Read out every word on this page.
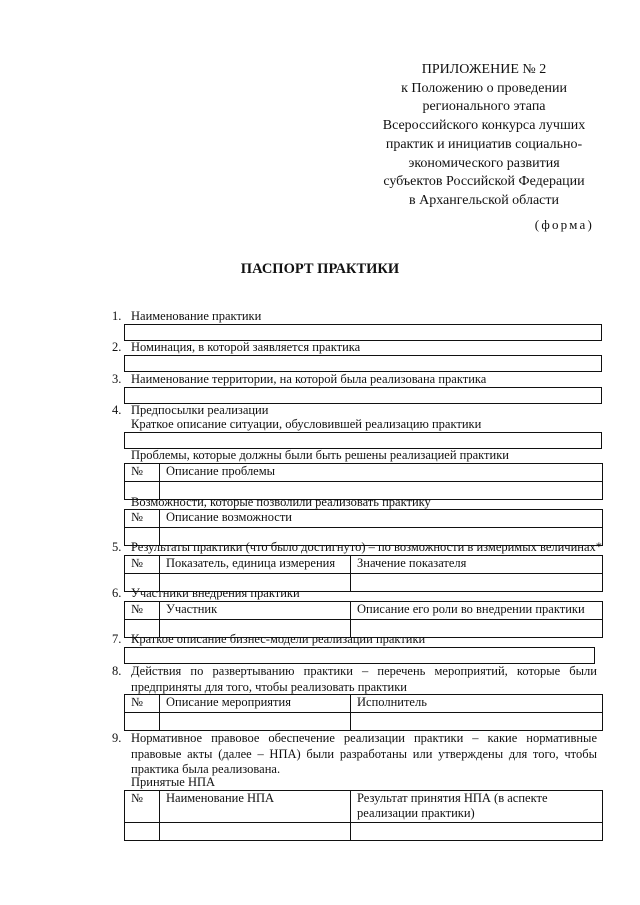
ПРИЛОЖЕНИЕ № 2
к Положению о проведении
регионального этапа
Всероссийского конкурса лучших
практик и инициатив социально-
экономического развития
субъектов Российской Федерации
в Архангельской области
(форма)
ПАСПОРТ ПРАКТИКИ
1. Наименование практики
2. Номинация, в которой заявляется практика
3. Наименование территории, на которой была реализована практика
4. Предпосылки реализации
Краткое описание ситуации, обусловившей реализацию практики
Проблемы, которые должны были быть решены реализацией практики
№	Описание проблемы

Возможности, которые позволили реализовать практику
№	Описание возможности

5. Результаты практики (что было достигнуто) – по возможности в измеримых величинах*
№	Показатель, единица измерения	Значение показателя

6. Участники внедрения практики
№	Участник	Описание его роли во внедрении практики

7. Краткое описание бизнес-модели реализации практики
8. Действия по развертыванию практики – перечень мероприятий, которые были
предприняты для того, чтобы реализовать практики
№	Описание мероприятия	Исполнитель

9. Нормативное правовое обеспечение реализации практики – какие нормативные
правовые акты (далее – НПА) были разработаны или утверждены для того, чтобы
практика была реализована.
Принятые НПА
№	Наименование НПА	Результат принятия НПА (в аспекте реализации практики)
